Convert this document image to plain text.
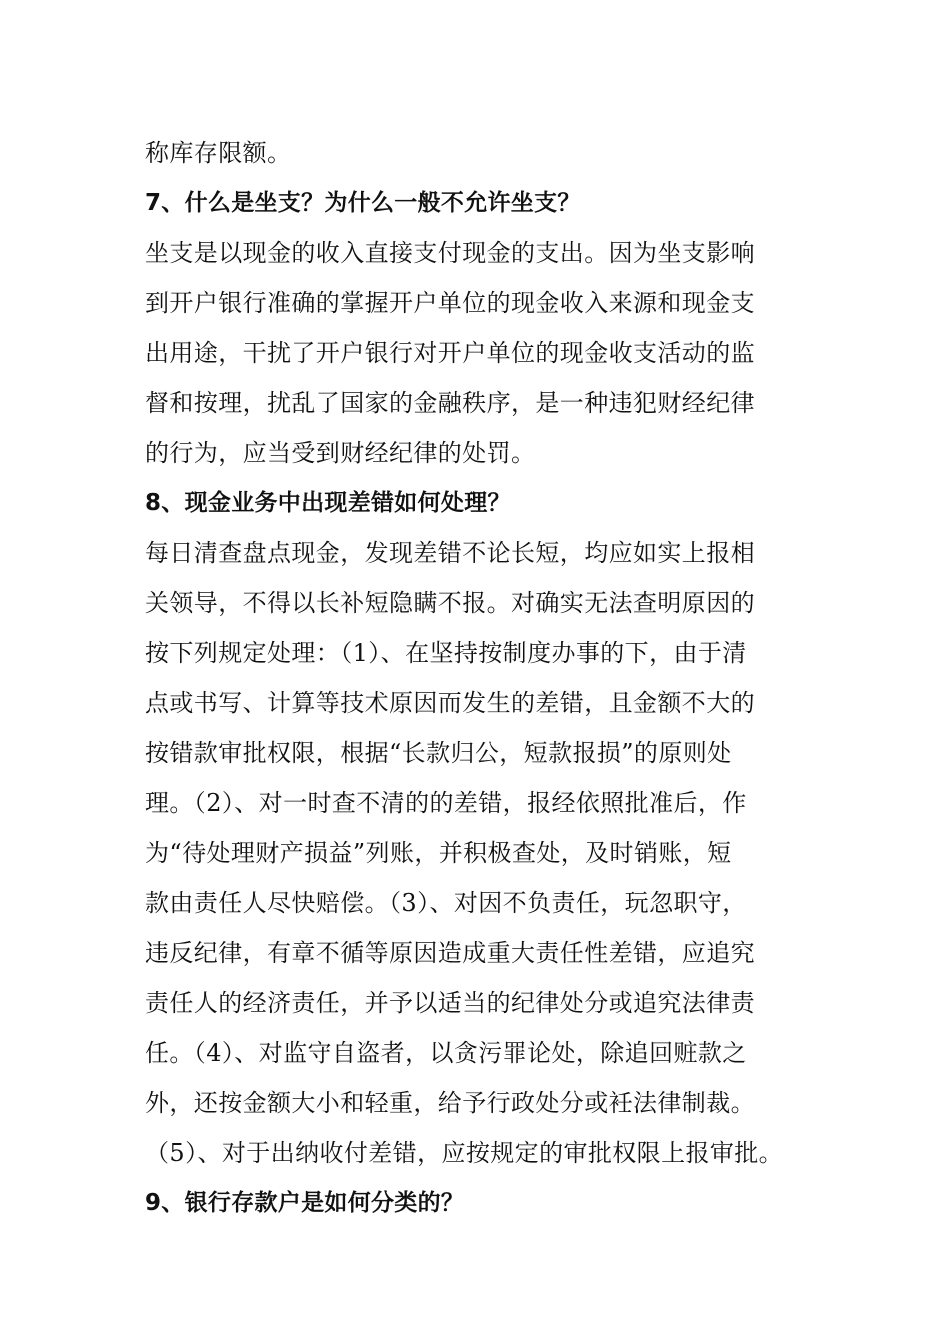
称库存限额。
7、什么是坐支？为什么一般不允许坐支？
坐支是以现金的收入直接支付现金的支出。因为坐支影响
到开户银行准确的掌握开户单位的现金收入来源和现金支
出用途，干扰了开户银行对开户单位的现金收支活动的监
督和按理，扰乱了国家的金融秩序，是一种违犯财经纪律
的行为，应当受到财经纪律的处罚。
8、现金业务中出现差错如何处理？
每日清查盘点现金，发现差错不论长短，均应如实上报相
关领导，不得以长补短隐瞒不报。对确实无法查明原因的
按下列规定处理：（1）、在坚持按制度办事的下，由于清
点或书写、计算等技术原因而发生的差错，且金额不大的
按错款审批权限，根据“长款归公，短款报损”的原则处
理。（2）、对一时查不清的的差错，报经依照批准后，作
为“待处理财产损益”列账，并积极查处，及时销账，短
款由责任人尽快赔偿。（3）、对因不负责任，玩忽职守，
违反纪律，有章不循等原因造成重大责任性差错，应追究
责任人的经济责任，并予以适当的纪律处分或追究法律责
任。（4）、对监守自盗者，以贪污罪论处，除追回赃款之
外，还按金额大小和轻重，给予行政处分或衽法律制裁。
（5）、对于出纳收付差错，应按规定的审批权限上报审批。
9、银行存款户是如何分类的？
